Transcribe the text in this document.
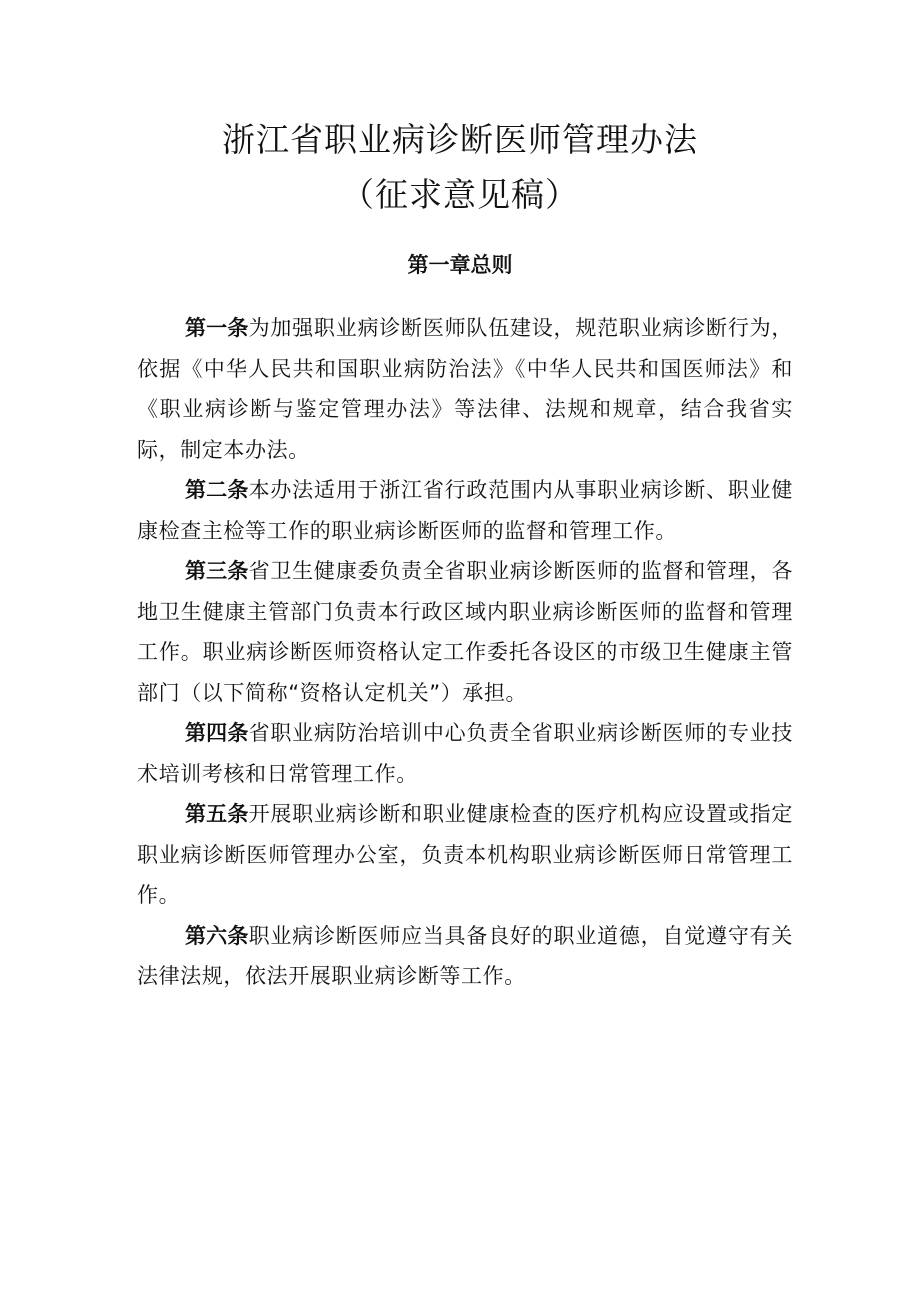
浙江省职业病诊断医师管理办法
（征求意见稿）
第一章总则

第一条为加强职业病诊断医师队伍建设，规范职业病诊断行为，依据《中华人民共和国职业病防治法》《中华人民共和国医师法》和《职业病诊断与鉴定管理办法》等法律、法规和规章，结合我省实际，制定本办法。

第二条本办法适用于浙江省行政范围内从事职业病诊断、职业健康检查主检等工作的职业病诊断医师的监督和管理工作。

第三条省卫生健康委负责全省职业病诊断医师的监督和管理，各地卫生健康主管部门负责本行政区域内职业病诊断医师的监督和管理工作。职业病诊断医师资格认定工作委托各设区的市级卫生健康主管部门（以下简称“资格认定机关”）承担。

第四条省职业病防治培训中心负责全省职业病诊断医师的专业技术培训考核和日常管理工作。

第五条开展职业病诊断和职业健康检查的医疗机构应设置或指定职业病诊断医师管理办公室，负责本机构职业病诊断医师日常管理工作。

第六条职业病诊断医师应当具备良好的职业道德，自觉遵守有关法律法规，依法开展职业病诊断等工作。
